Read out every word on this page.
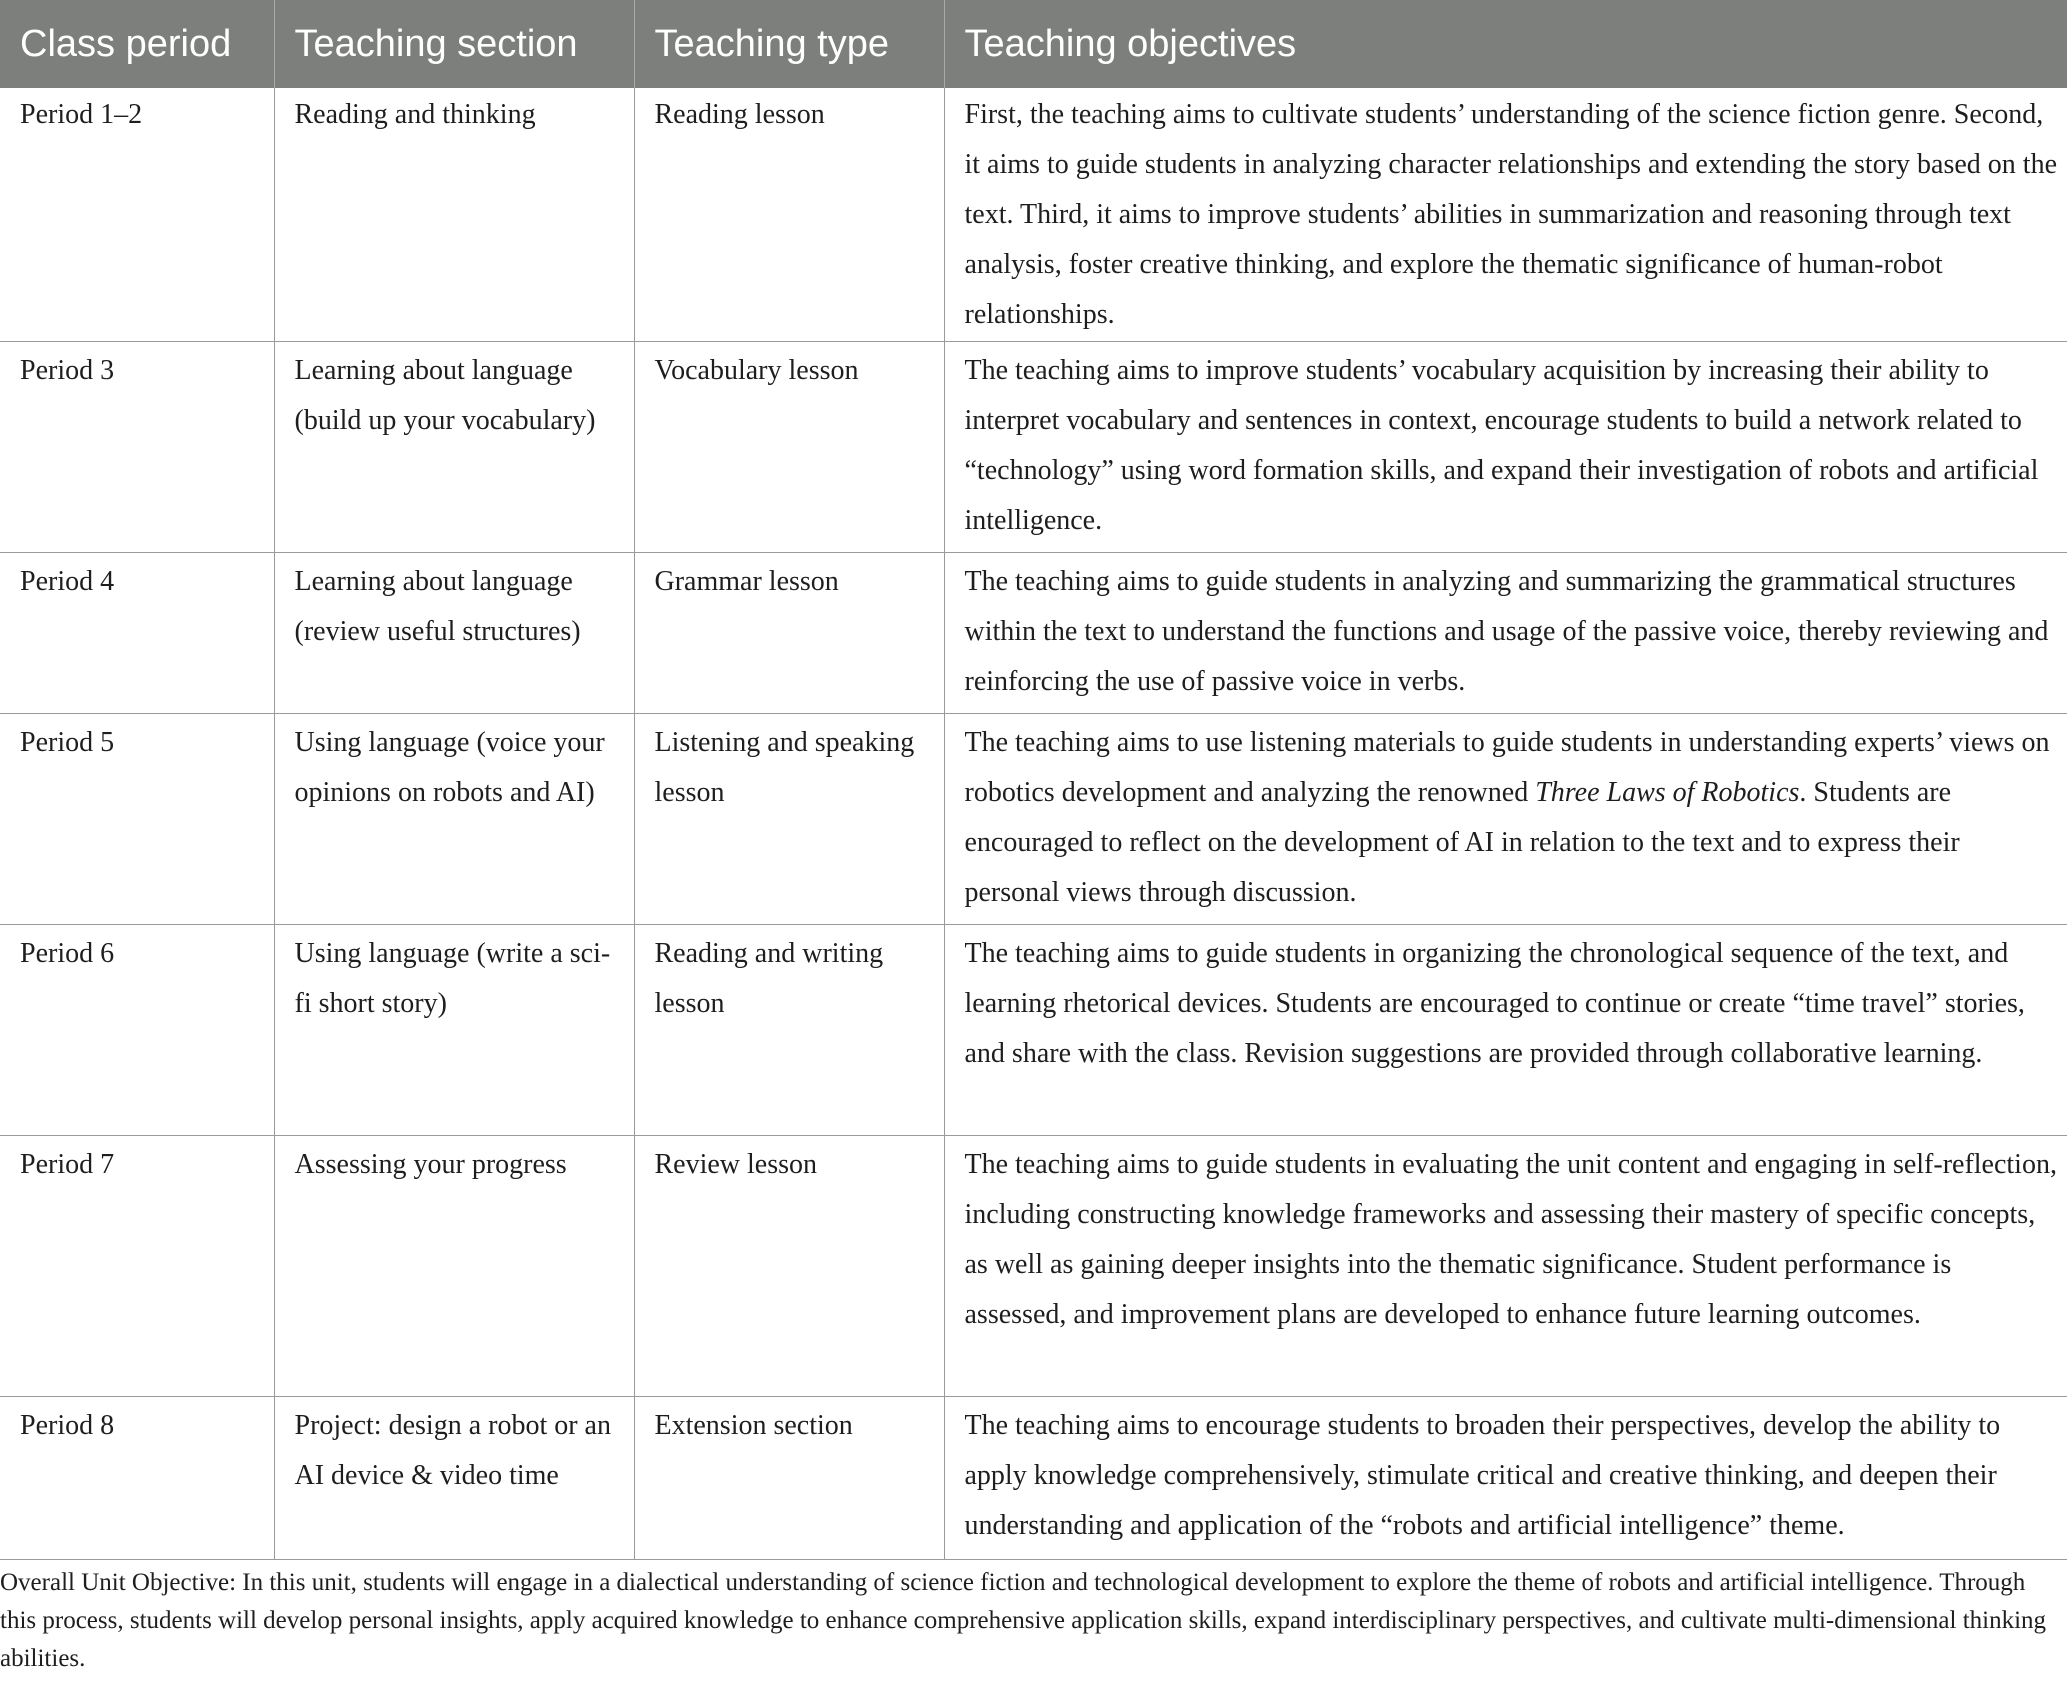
Class period	Teaching section	Teaching type	Teaching objectives
Period 1–2	Reading and thinking	Reading lesson	First, the teaching aims to cultivate students’ understanding of the science fiction genre. Second, it aims to guide students in analyzing character relationships and extending the story based on the text. Third, it aims to improve students’ abilities in summarization and reasoning through text analysis, foster creative thinking, and explore the thematic significance of human-robot relationships.
Period 3	Learning about language (build up your vocabulary)	Vocabulary lesson	The teaching aims to improve students’ vocabulary acquisition by increasing their ability to interpret vocabulary and sentences in context, encourage students to build a network related to “technology” using word formation skills, and expand their investigation of robots and artificial intelligence.
Period 4	Learning about language (review useful structures)	Grammar lesson	The teaching aims to guide students in analyzing and summarizing the grammatical structures within the text to understand the functions and usage of the passive voice, thereby reviewing and reinforcing the use of passive voice in verbs.
Period 5	Using language (voice your opinions on robots and AI)	Listening and speaking lesson	The teaching aims to use listening materials to guide students in understanding experts’ views on robotics development and analyzing the renowned Three Laws of Robotics. Students are encouraged to reflect on the development of AI in relation to the text and to express their personal views through discussion.
Period 6	Using language (write a sci-fi short story)	Reading and writing lesson	The teaching aims to guide students in organizing the chronological sequence of the text, and learning rhetorical devices. Students are encouraged to continue or create “time travel” stories, and share with the class. Revision suggestions are provided through collaborative learning.
Period 7	Assessing your progress	Review lesson	The teaching aims to guide students in evaluating the unit content and engaging in self-reflection, including constructing knowledge frameworks and assessing their mastery of specific concepts, as well as gaining deeper insights into the thematic significance. Student performance is assessed, and improvement plans are developed to enhance future learning outcomes.
Period 8	Project: design a robot or an AI device & video time	Extension section	The teaching aims to encourage students to broaden their perspectives, develop the ability to apply knowledge comprehensively, stimulate critical and creative thinking, and deepen their understanding and application of the “robots and artificial intelligence” theme.
Overall Unit Objective: In this unit, students will engage in a dialectical understanding of science fiction and technological development to explore the theme of robots and artificial intelligence. Through this process, students will develop personal insights, apply acquired knowledge to enhance comprehensive application skills, expand interdisciplinary perspectives, and cultivate multi-dimensional thinking abilities.
